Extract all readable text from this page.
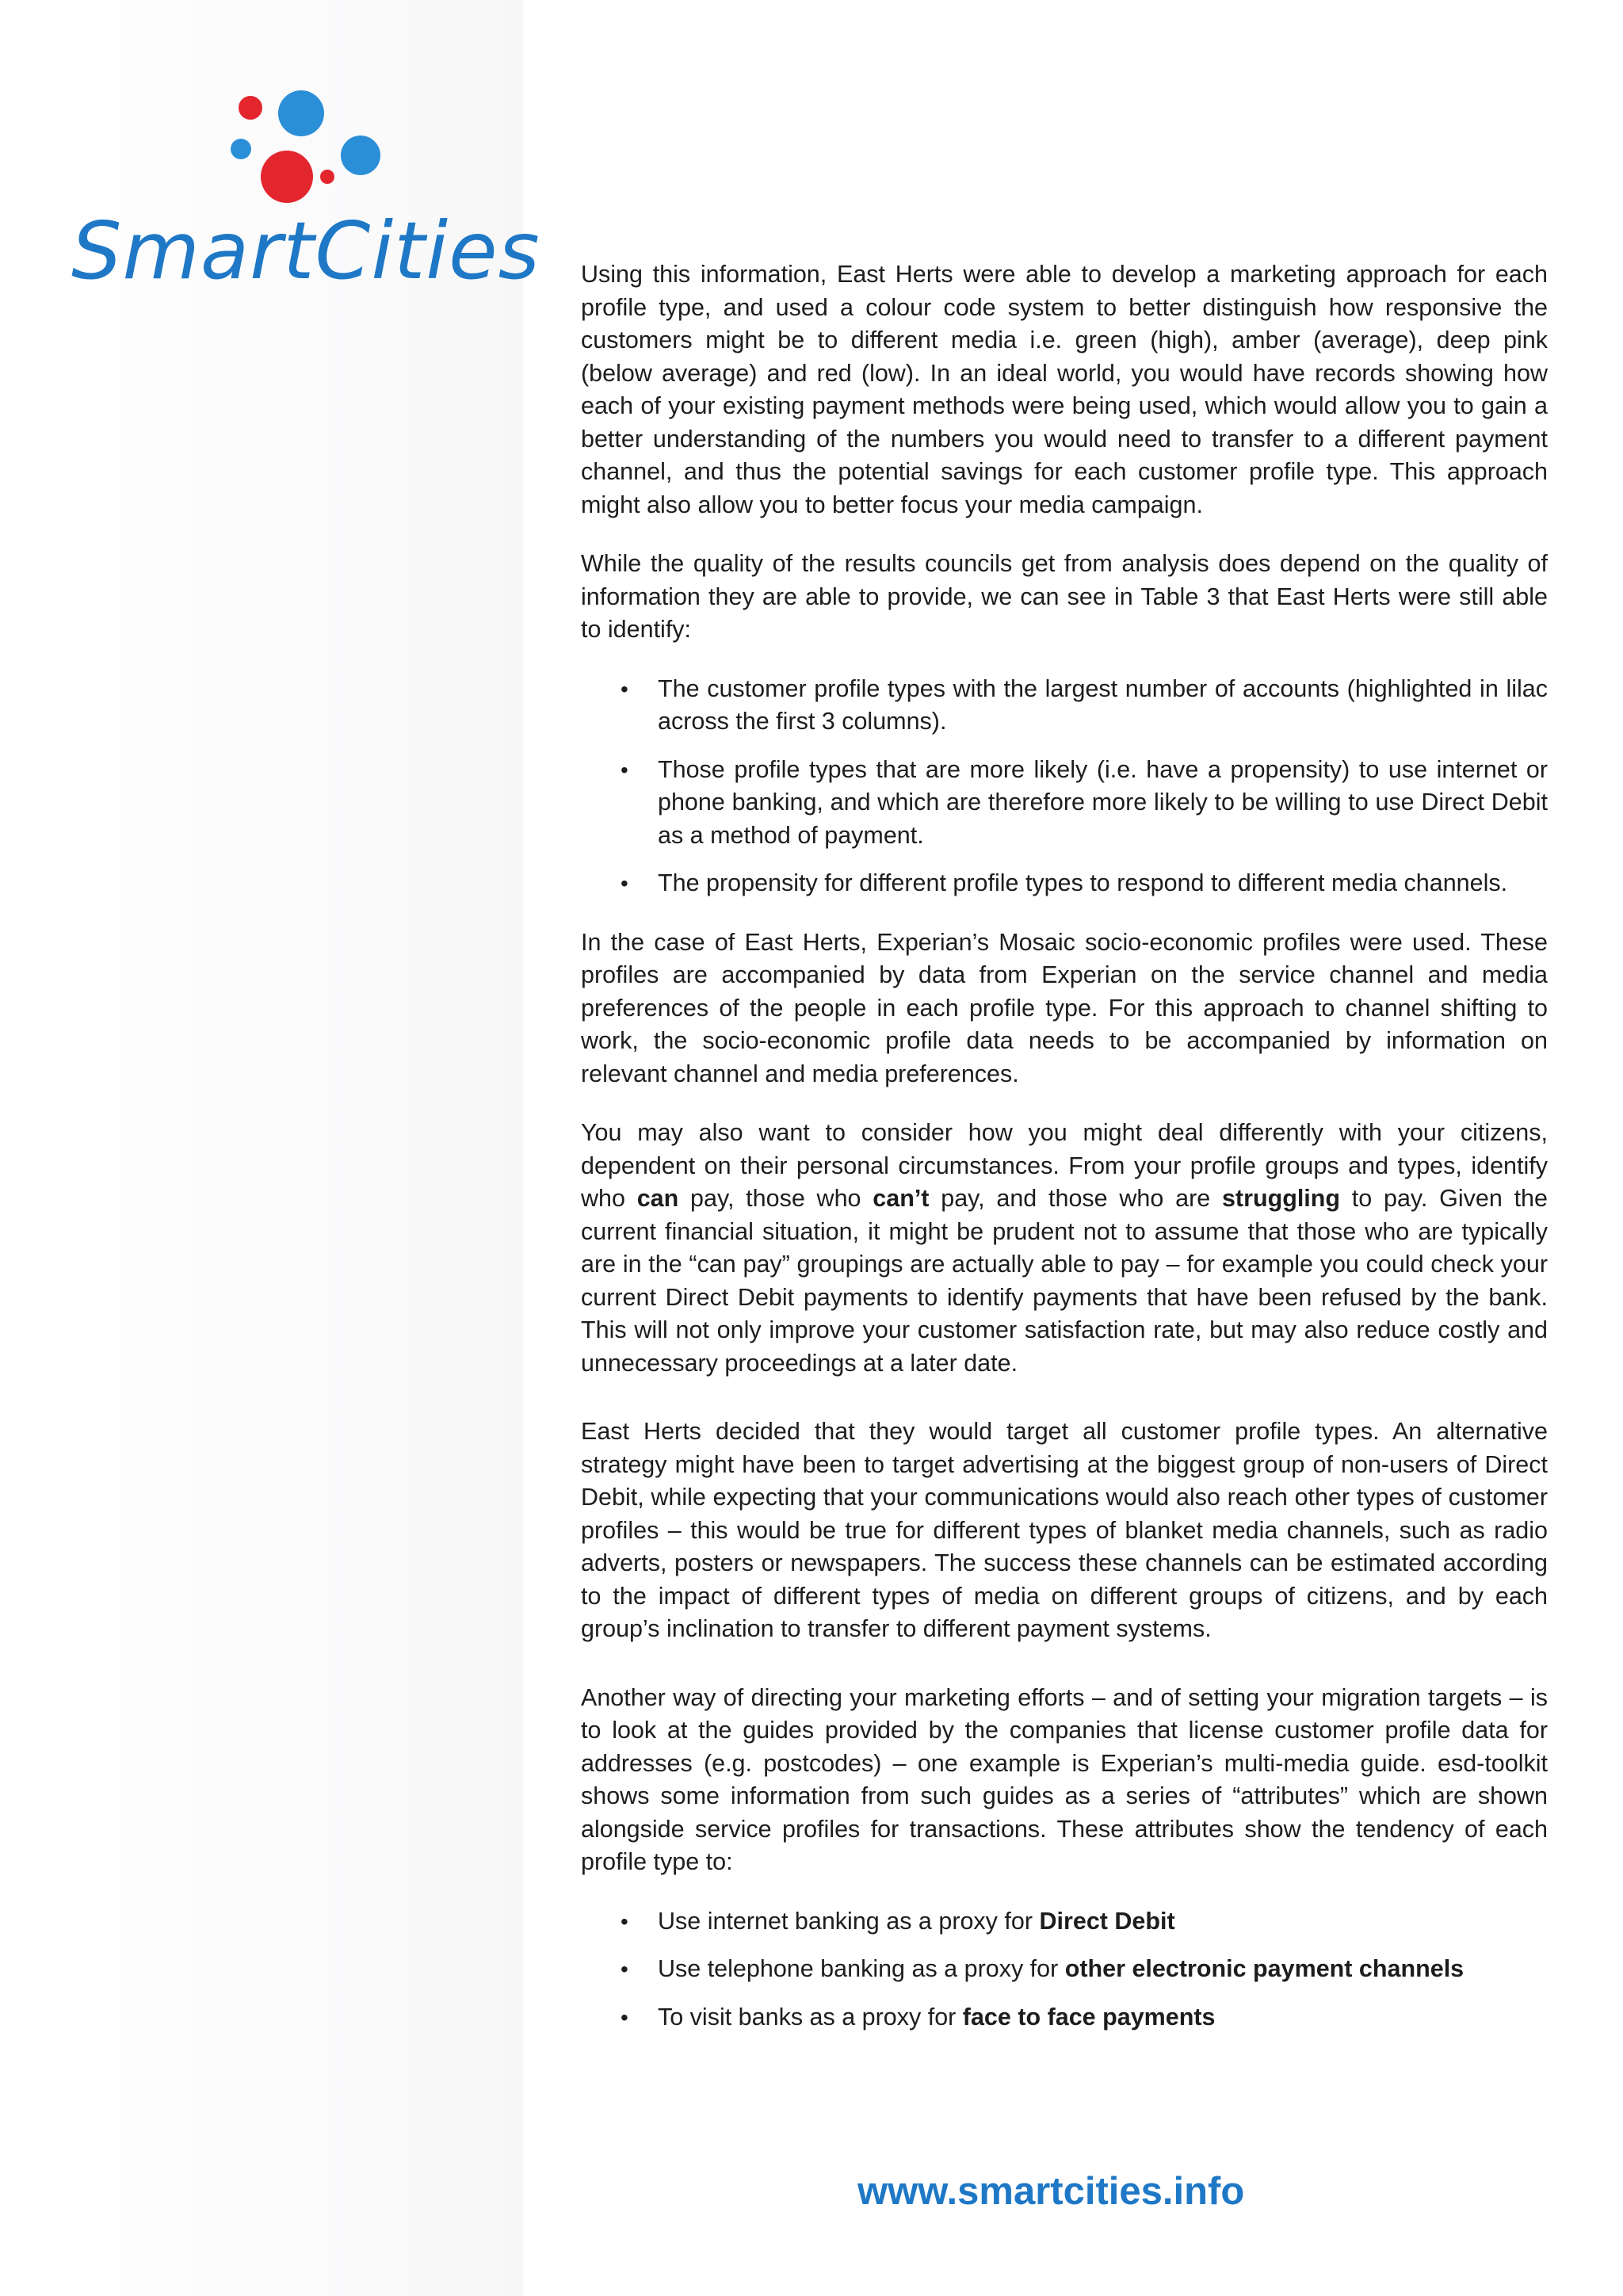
SmartCities Using this information, East Herts were able to develop a marketing approach for each profile type, and used a colour code system to better distinguish how responsive the customers might be to different media i.e. green (high), amber (average), deep pink (below average) and red (low). In an ideal world, you would have records showing how each of your existing payment methods were being used, which would allow you to gain a better understanding of the numbers you would need to transfer to a different payment channel, and thus the potential savings for each customer profile type. This approach might also allow you to better focus your media campaign.

While the quality of the results councils get from analysis does depend on the quality of information they are able to provide, we can see in Table 3 that East Herts were still able to identify:

• The customer profile types with the largest number of accounts (highlighted in lilac across the first 3 columns).
• Those profile types that are more likely (i.e. have a propensity) to use internet or phone banking, and which are therefore more likely to be willing to use Direct Debit as a method of payment.
• The propensity for different profile types to respond to different media channels.

In the case of East Herts, Experian’s Mosaic socio-economic profiles were used. These profiles are accompanied by data from Experian on the service channel and media preferences of the people in each profile type. For this approach to channel shifting to work, the socio-economic profile data needs to be accompanied by information on relevant channel and media preferences.

You may also want to consider how you might deal differently with your citizens, dependent on their personal circumstances. From your profile groups and types, identify who can pay, those who can’t pay, and those who are struggling to pay. Given the current financial situation, it might be prudent not to assume that those who are typically are in the “can pay” groupings are actually able to pay – for example you could check your current Direct Debit payments to identify payments that have been refused by the bank. This will not only improve your customer satisfaction rate, but may also reduce costly and unnecessary proceedings at a later date.

East Herts decided that they would target all customer profile types. An alternative strategy might have been to target advertising at the biggest group of non-users of Direct Debit, while expecting that your communications would also reach other types of customer profiles – this would be true for different types of blanket media channels, such as radio adverts, posters or newspapers. The success these channels can be estimated according to the impact of different types of media on different groups of citizens, and by each group’s inclination to transfer to different payment systems.

Another way of directing your marketing efforts – and of setting your migration targets – is to look at the guides provided by the companies that license customer profile data for addresses (e.g. postcodes) – one example is Experian’s multi-media guide. esd-toolkit shows some information from such guides as a series of “attributes” which are shown alongside service profiles for transactions. These attributes show the tendency of each profile type to:

• Use internet banking as a proxy for Direct Debit
• Use telephone banking as a proxy for other electronic payment channels
• To visit banks as a proxy for face to face payments
www.smartcities.info
